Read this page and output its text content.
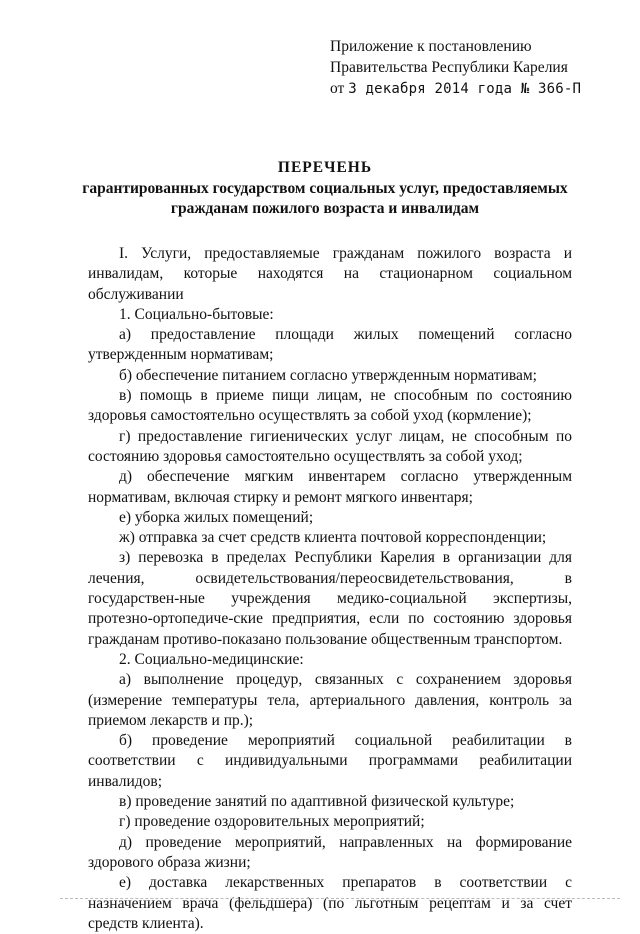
Приложение к постановлению
Правительства Республики Карелия
от 3 декабря 2014 года № 366-П
ПЕРЕЧЕНЬ
гарантированных государством социальных услуг, предоставляемых гражданам пожилого возраста и инвалидам

I. Услуги, предоставляемые гражданам пожилого возраста и инвалидам, которые находятся на стационарном социальном обслуживании

1. Социально-бытовые:

а) предоставление площади жилых помещений согласно утвержденным нормативам;

б) обеспечение питанием согласно утвержденным нормативам;

в) помощь в приеме пищи лицам, не способным по состоянию здоровья самостоятельно осуществлять за собой уход (кормление);

г) предоставление гигиенических услуг лицам, не способным по состоянию здоровья самостоятельно осуществлять за собой уход;

д) обеспечение мягким инвентарем согласно утвержденным нормативам, включая стирку и ремонт мягкого инвентаря;

е) уборка жилых помещений;

ж) отправка за счет средств клиента почтовой корреспонденции;

з) перевозка в пределах Республики Карелия в организации для лечения, освидетельствования/переосвидетельствования, в государствен-ные учреждения медико-социальной экспертизы, протезно-ортопедиче-ские предприятия, если по состоянию здоровья гражданам противо-показано пользование общественным транспортом.

2. Социально-медицинские:

а) выполнение процедур, связанных с сохранением здоровья (измерение температуры тела, артериального давления, контроль за приемом лекарств и пр.);

б) проведение мероприятий социальной реабилитации в соответствии с индивидуальными программами реабилитации инвалидов;

в) проведение занятий по адаптивной физической культуре;

г) проведение оздоровительных мероприятий;

д) проведение мероприятий, направленных на формирование здорового образа жизни;

е) доставка лекарственных препаратов в соответствии с назначением врача (фельдшера) (по льготным рецептам и за счет средств клиента).
